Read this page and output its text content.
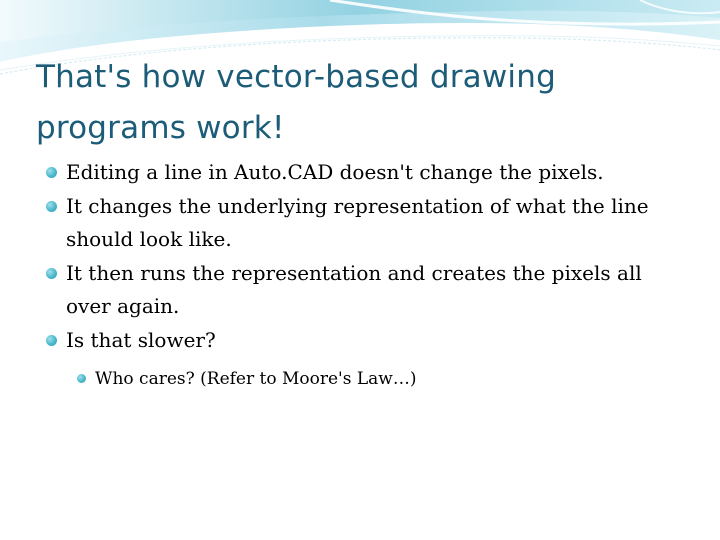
That's how vector-based drawing programs work!
Editing a line in Auto.CAD doesn't change the pixels.
It changes the underlying representation of what the line should look like.
It then runs the representation and creates the pixels all over again.
Is that slower?
Who cares? (Refer to Moore's Law…)
